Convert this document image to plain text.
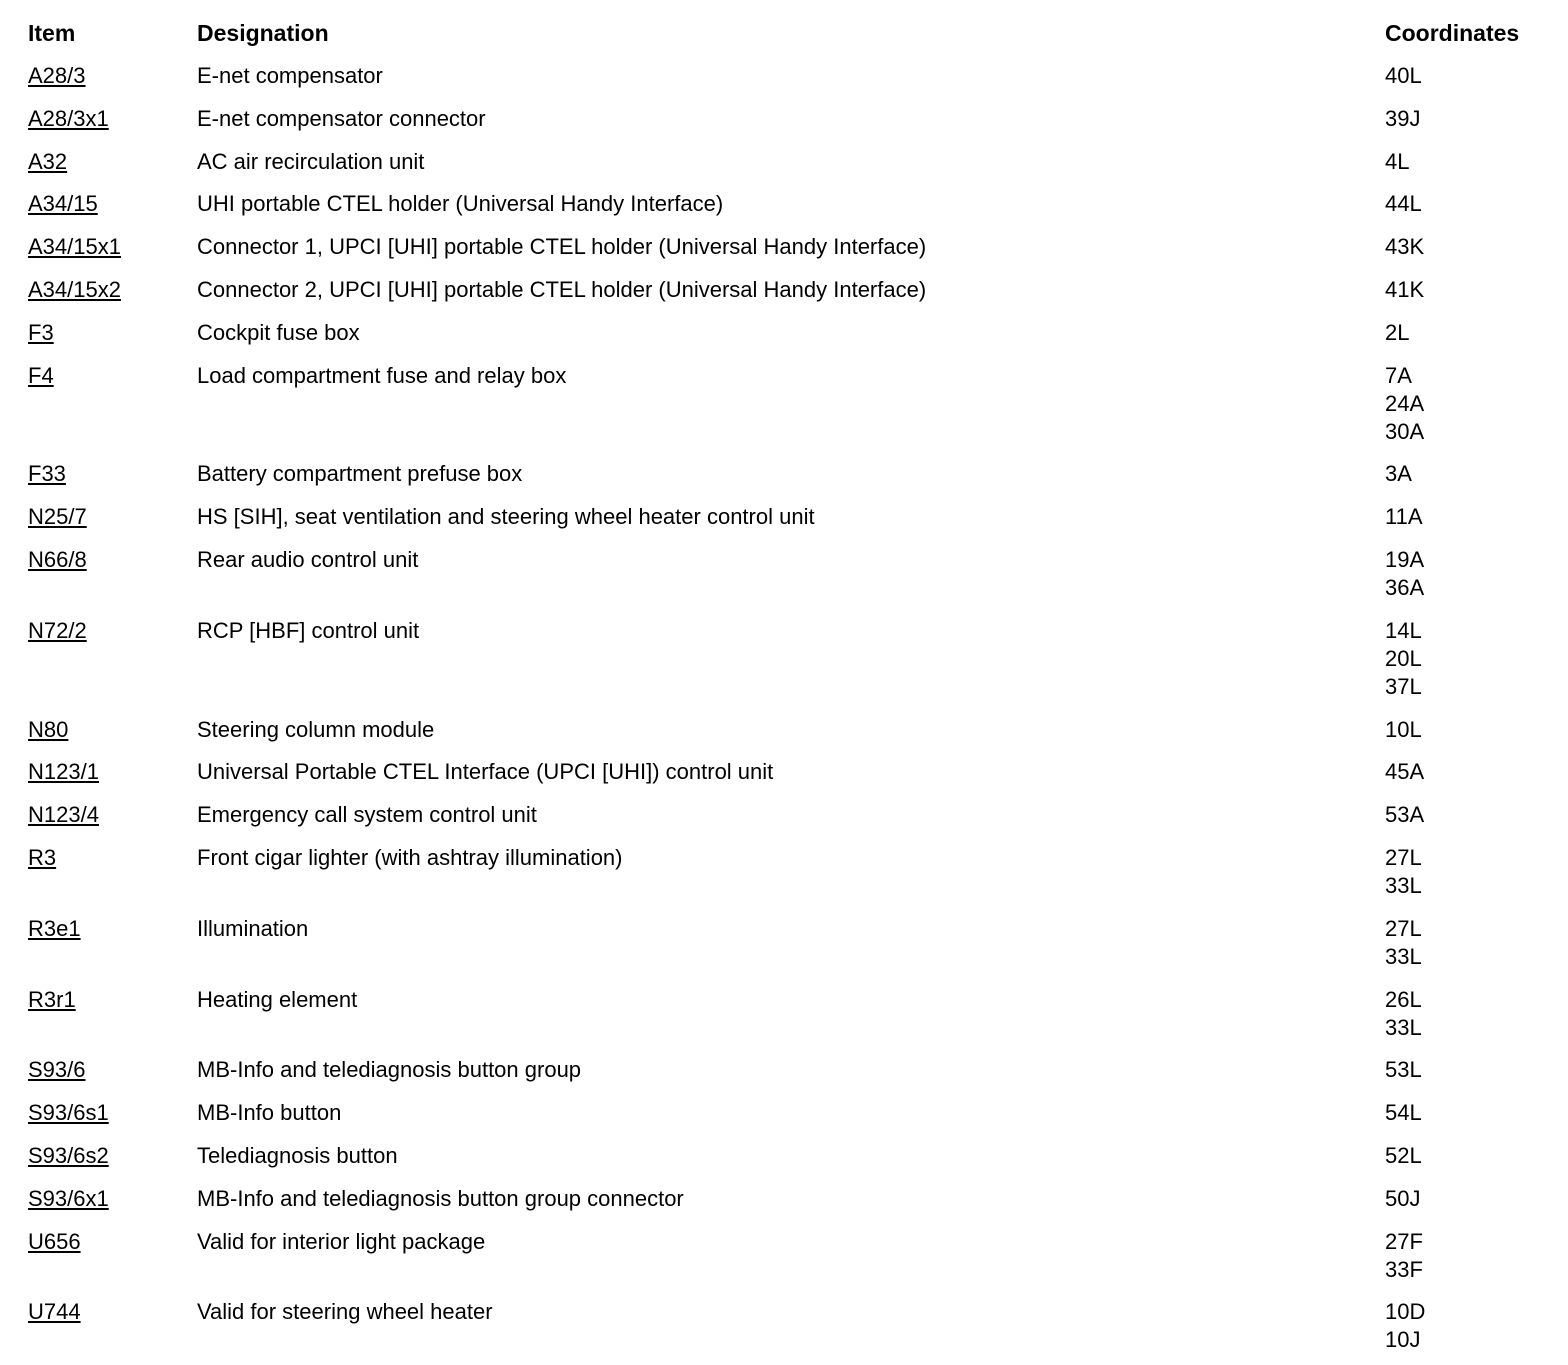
Item	Designation	Coordinates
A28/3	E-net compensator	40L
A28/3x1	E-net compensator connector	39J
A32	AC air recirculation unit	4L
A34/15	UHI portable CTEL holder (Universal Handy Interface)	44L
A34/15x1	Connector 1, UPCI [UHI] portable CTEL holder (Universal Handy Interface)	43K
A34/15x2	Connector 2, UPCI [UHI] portable CTEL holder (Universal Handy Interface)	41K
F3	Cockpit fuse box	2L
F4	Load compartment fuse and relay box	7A
24A
30A
F33	Battery compartment prefuse box	3A
N25/7	HS [SIH], seat ventilation and steering wheel heater control unit	11A
N66/8	Rear audio control unit	19A
36A
N72/2	RCP [HBF] control unit	14L
20L
37L
N80	Steering column module	10L
N123/1	Universal Portable CTEL Interface (UPCI [UHI]) control unit	45A
N123/4	Emergency call system control unit	53A
R3	Front cigar lighter (with ashtray illumination)	27L
33L
R3e1	Illumination	27L
33L
R3r1	Heating element	26L
33L
S93/6	MB-Info and telediagnosis button group	53L
S93/6s1	MB-Info button	54L
S93/6s2	Telediagnosis button	52L
S93/6x1	MB-Info and telediagnosis button group connector	50J
U656	Valid for interior light package	27F
33F
U744	Valid for steering wheel heater	10D
10J
